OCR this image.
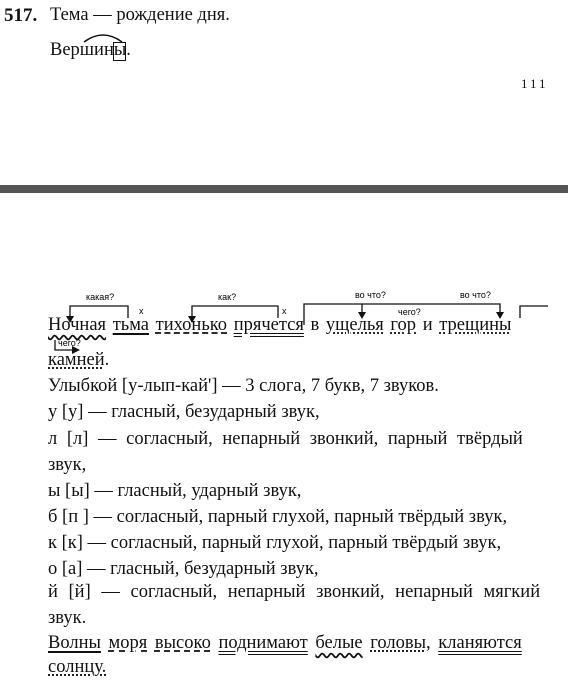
517. Тема — рождение дня.
Вершины
.
111
какая?	как?	во что?	во что?
чего?
чего?
x	x
Ночная тьма тихонько прячется в ущелья гор и трещины
камней.
Улыбкой [у-лып-кай'] — 3 слога, 7 букв, 7 звуков.
у [у] — гласный, безударный звук,
л [л] — согласный, непарный звонкий, парный твёрдый
звук,
ы [ы] — гласный, ударный звук,
б [п ] — согласный, парный глухой, парный твёрдый звук,
к [к] — согласный, парный глухой, парный твёрдый звук,
о [а] — гласный, безударный звук,
й [й] — согласный, непарный звонкий, непарный мягкий
звук.
Волны моря высоко поднимают белые головы, кланяются
солнцу.
